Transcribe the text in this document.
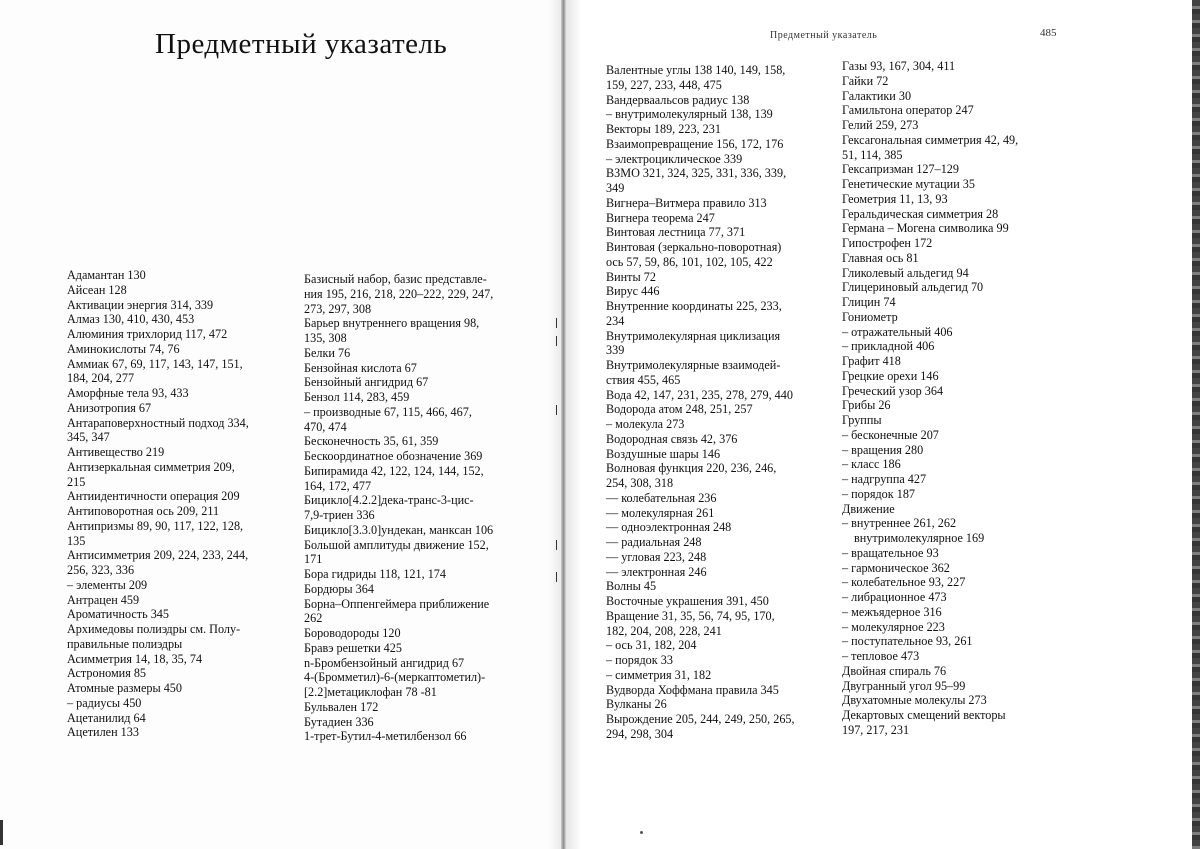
Предметный указатель

Адамантан 130

Айсеан 128

Активации энергия 314, 339

Алмаз 130, 410, 430, 453

Алюминия трихлорид 117, 472

Аминокислоты 74, 76

Аммиак 67, 69, 117, 143, 147, 151,

184, 204, 277

Аморфные тела 93, 433

Анизотропия 67

Антараповерхностный подход 334,

345, 347

Антивещество 219

Антизеркальная симметрия 209,

215

Антиидентичности операция 209

Антиповоротная ось 209, 211

Антипризмы 89, 90, 117, 122, 128,

135

Антисимметрия 209, 224, 233, 244,

256, 323, 336

– элементы 209

Антрацен 459

Ароматичность 345

Архимедовы полиэдры см. Полу-

правильные полиэдры

Асимметрия 14, 18, 35, 74

Астрономия 85

Атомные размеры 450

– радиусы 450

Ацетанилид 64

Ацетилен 133

Базисный набор, базис представле-

ния 195, 216, 218, 220–222, 229, 247,

273, 297, 308

Барьер внутреннего вращения 98,

135, 308

Белки 76

Бензойная кислота 67

Бензойный ангидрид 67

Бензол 114, 283, 459

– производные 67, 115, 466, 467,

470, 474

Бесконечность 35, 61, 359

Бескоординатное обозначение 369

Бипирамида 42, 122, 124, 144, 152,

164, 172, 477

Бицикло[4.2.2]дека-транс-3-цис-

7,9-триен 336

Бицикло[3.3.0]ундекан, манксан 106

Большой амплитуды движение 152,

171

Бора гидриды 118, 121, 174

Бордюры 364

Борна–Оппенгеймера приближение

262

Бороводороды 120

Бравэ решетки 425

n-Бромбензойный ангидрид 67

4-(Бромметил)-6-(меркаптометил)-

[2.2]метациклофан 78 -81

Бульвален 172

Бутадиен 336

1-трет-Бутил-4-метилбензол 66

Предметный указатель	485

Валентные углы 138 140, 149, 158,

159, 227, 233, 448, 475

Вандерваальсов радиус 138

– внутримолекулярный 138, 139

Векторы 189, 223, 231

Взаимопревращение 156, 172, 176

– электроциклическое 339

ВЗМО 321, 324, 325, 331, 336, 339,

349

Вигнера–Витмера правило 313

Вигнера теорема 247

Винтовая лестница 77, 371

Винтовая (зеркально-поворотная)

ось 57, 59, 86, 101, 102, 105, 422

Винты 72

Вирус 446

Внутренние координаты 225, 233,

234

Внутримолекулярная циклизация

339

Внутримолекулярные взаимодей-

ствия 455, 465

Вода 42, 147, 231, 235, 278, 279, 440

Водорода атом 248, 251, 257

– молекула 273

Водородная связь 42, 376

Воздушные шары 146

Волновая функция 220, 236, 246,

254, 308, 318

–– колебательная 236

–– молекулярная 261

–– одноэлектронная 248

–– радиальная 248

–– угловая 223, 248

–– электронная 246

Волны 45

Восточные украшения 391, 450

Вращение 31, 35, 56, 74, 95, 170,

182, 204, 208, 228, 241

– ось 31, 182, 204

– порядок 33

– симметрия 31, 182

Вудворда Хоффмана правила 345

Вулканы 26

Вырождение 205, 244, 249, 250, 265,

294, 298, 304

Газы 93, 167, 304, 411

Гайки 72

Галактики 30

Гамильтона оператор 247

Гелий 259, 273

Гексагональная симметрия 42, 49,

51, 114, 385

Гексапризман 127–129

Генетические мутации 35

Геометрия 11, 13, 93

Геральдическая симметрия 28

Германа – Могена символика 99

Гипострофен 172

Главная ось 81

Гликолевый альдегид 94

Глицериновый альдегид 70

Глицин 74

Гониометр

– отражательный 406

– прикладной 406

Графит 418

Грецкие орехи 146

Греческий узор 364

Грибы 26

Группы

– бесконечные 207

– вращения 280

– класс 186

– надгруппа 427

– порядок 187

Движение

– внутреннее 261, 262

внутримолекулярное 169

– вращательное 93

– гармоническое 362

– колебательное 93, 227

– либрационное 473

– межъядерное 316

– молекулярное 223

– поступательное 93, 261

– тепловое 473

Двойная спираль 76

Двугранный угол 95–99

Двухатомные молекулы 273

Декартовых смещений векторы

197, 217, 231
